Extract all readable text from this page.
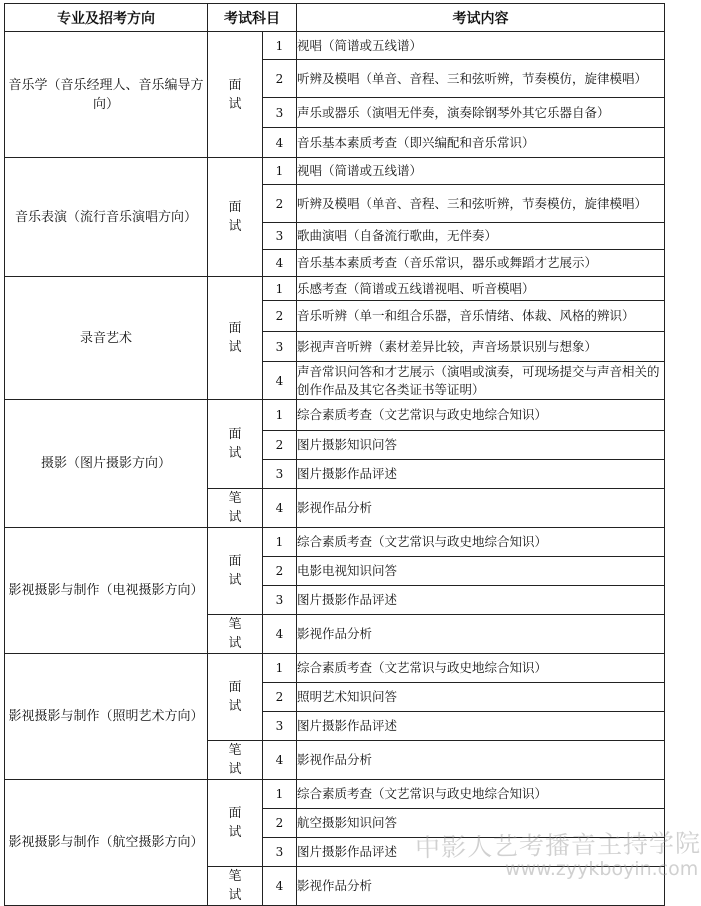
专业及招考方向	考试科目		考试内容
音乐学（音乐经理人、音乐编导方向）	面试	1	视唱（简谱或五线谱）
		2	听辨及模唱（单音、音程、三和弦听辨，节奏模仿，旋律模唱）
		3	声乐或器乐（演唱无伴奏，演奏除钢琴外其它乐器自备）
		4	音乐基本素质考查（即兴编配和音乐常识）
音乐表演（流行音乐演唱方向）	面试	1	视唱（简谱或五线谱）
		2	听辨及模唱（单音、音程、三和弦听辨，节奏模仿，旋律模唱）
		3	歌曲演唱（自备流行歌曲，无伴奏）
		4	音乐基本素质考查（音乐常识，器乐或舞蹈才艺展示）
录音艺术	面试	1	乐感考查（简谱或五线谱视唱、听音模唱）
		2	音乐听辨（单一和组合乐器，音乐情绪、体裁、风格的辨识）
		3	影视声音听辨（素材差异比较，声音场景识别与想象）
		4	声音常识问答和才艺展示（演唱或演奏，可现场提交与声音相关的创作作品及其它各类证书等证明）
摄影（图片摄影方向）	面试	1	综合素质考查（文艺常识与政史地综合知识）
		2	图片摄影知识问答
		3	图片摄影作品评述
	笔试	4	影视作品分析
影视摄影与制作（电视摄影方向）	面试	1	综合素质考查（文艺常识与政史地综合知识）
		2	电影电视知识问答
		3	图片摄影作品评述
	笔试	4	影视作品分析
影视摄影与制作（照明艺术方向）	面试	1	综合素质考查（文艺常识与政史地综合知识）
		2	照明艺术知识问答
		3	图片摄影作品评述
	笔试	4	影视作品分析
影视摄影与制作（航空摄影方向）	面试	1	综合素质考查（文艺常识与政史地综合知识）
		2	航空摄影知识问答
		3	图片摄影作品评述
	笔试	4	影视作品分析
中影人艺考播音主持学院
www.zyykboyin.com
